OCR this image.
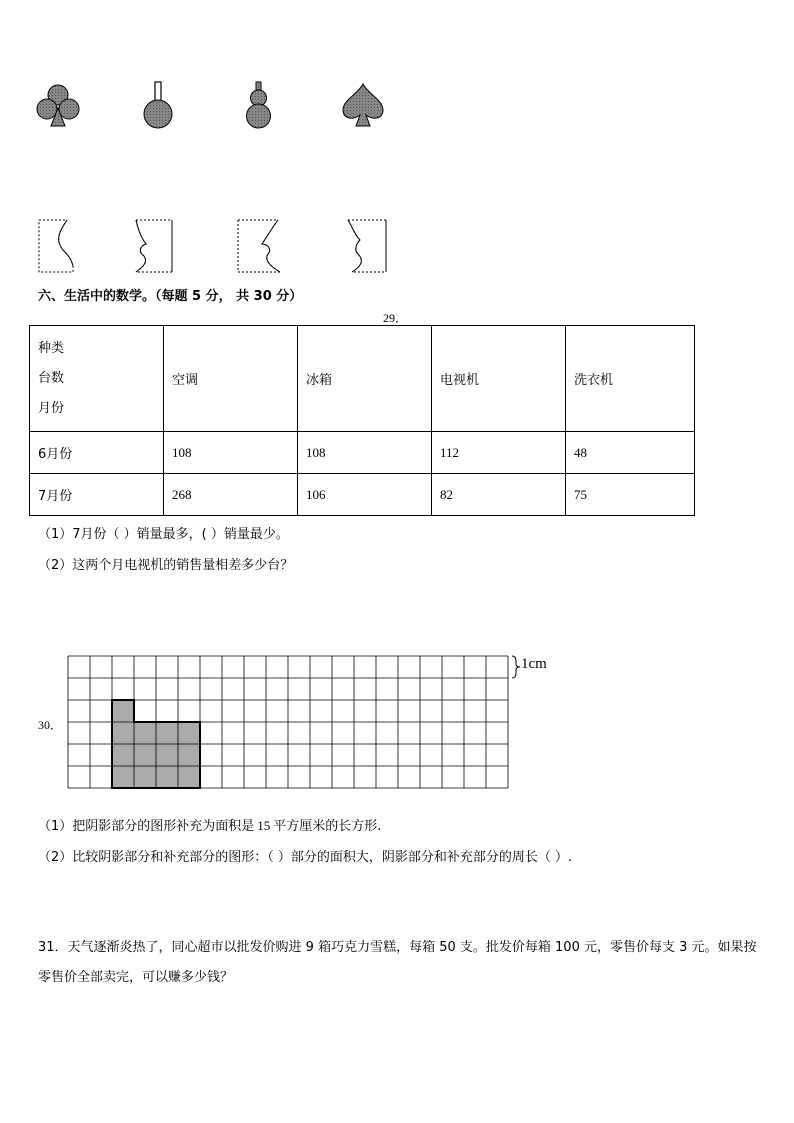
六、生活中的数学。（每题 5 分， 共 30 分）
29．
种类
台数
月份	空调	冰箱	电视机	洗衣机
6月份	108	108	112	48
7月份	268	106	82	75
（1）7月份（ ）销量最多，( ）销量最少。
（2）这两个月电视机的销售量相差多少台？
30．
1cm
（1）把阴影部分的图形补充为面积是 15 平方厘米的长方形.
（2）比较阴影部分和补充部分的图形：（ ）部分的面积大，阴影部分和补充部分的周长（ ）.
31．天气逐渐炎热了，同心超市以批发价购进 9 箱巧克力雪糕，每箱 50 支。批发价每箱 100 元，零售价每支 3 元。如果按零售价全部卖完，可以赚多少钱？
